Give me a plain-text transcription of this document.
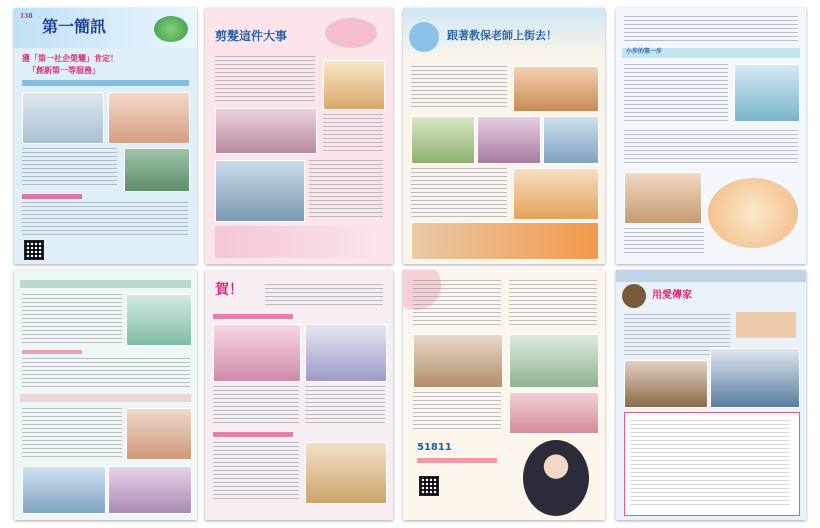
138
第一簡訊
獲「第一社企榮耀」肯定！
「創新第一等服務」
剪髮這件大事	跟著教保老師上街去！
小步的第一步
賀！
51811
用愛傳家
